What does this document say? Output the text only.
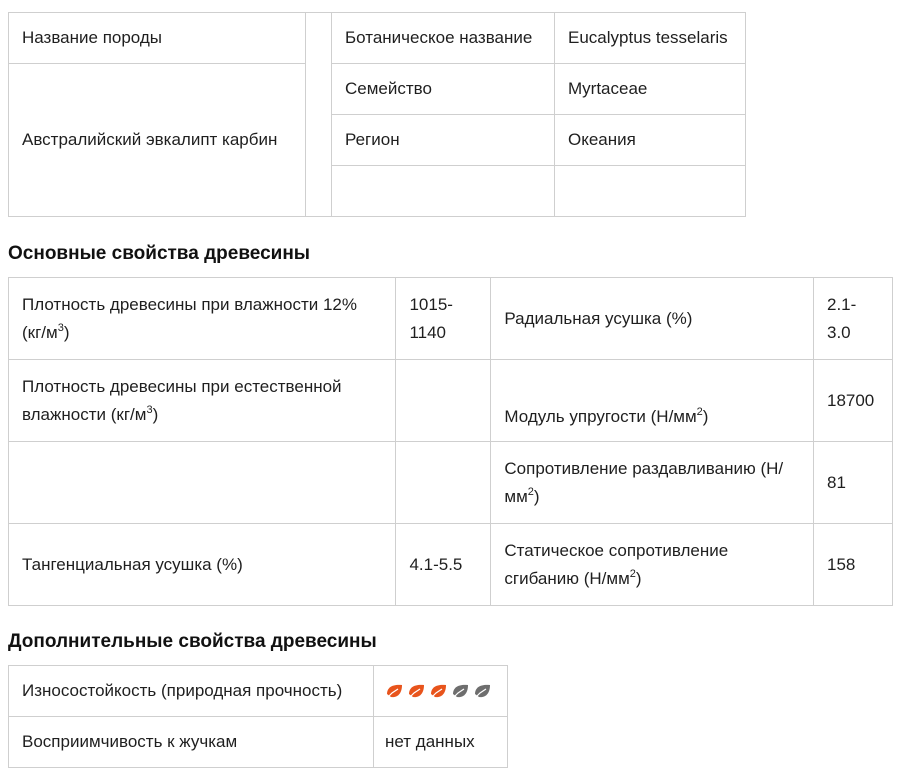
Название породы		Ботаническое название	Eucalyptus tesselaris
Австралийский эвкалипт карбин		Семейство	Myrtaceae
		Регион	Океания

Основные свойства древесины
Плотность древесины при влажности 12% $(кг/м^3)$	1015-1140	Радиальная усушка (%)	2.1-3.0
Плотность древесины при естественной влажности $(кг/м^3)$		Модуль упругости $(Н/мм^2)$	18700
		Сопротивление раздавливанию $(Н/мм^2)$	81
Тангенциальная усушка (%)	4.1-5.5	Статическое сопротивление сгибанию $(Н/мм^2)$	158
Дополнительные свойства древесины
Износостойкость (природная прочность)	

Восприимчивость к жучкам	нет данных
